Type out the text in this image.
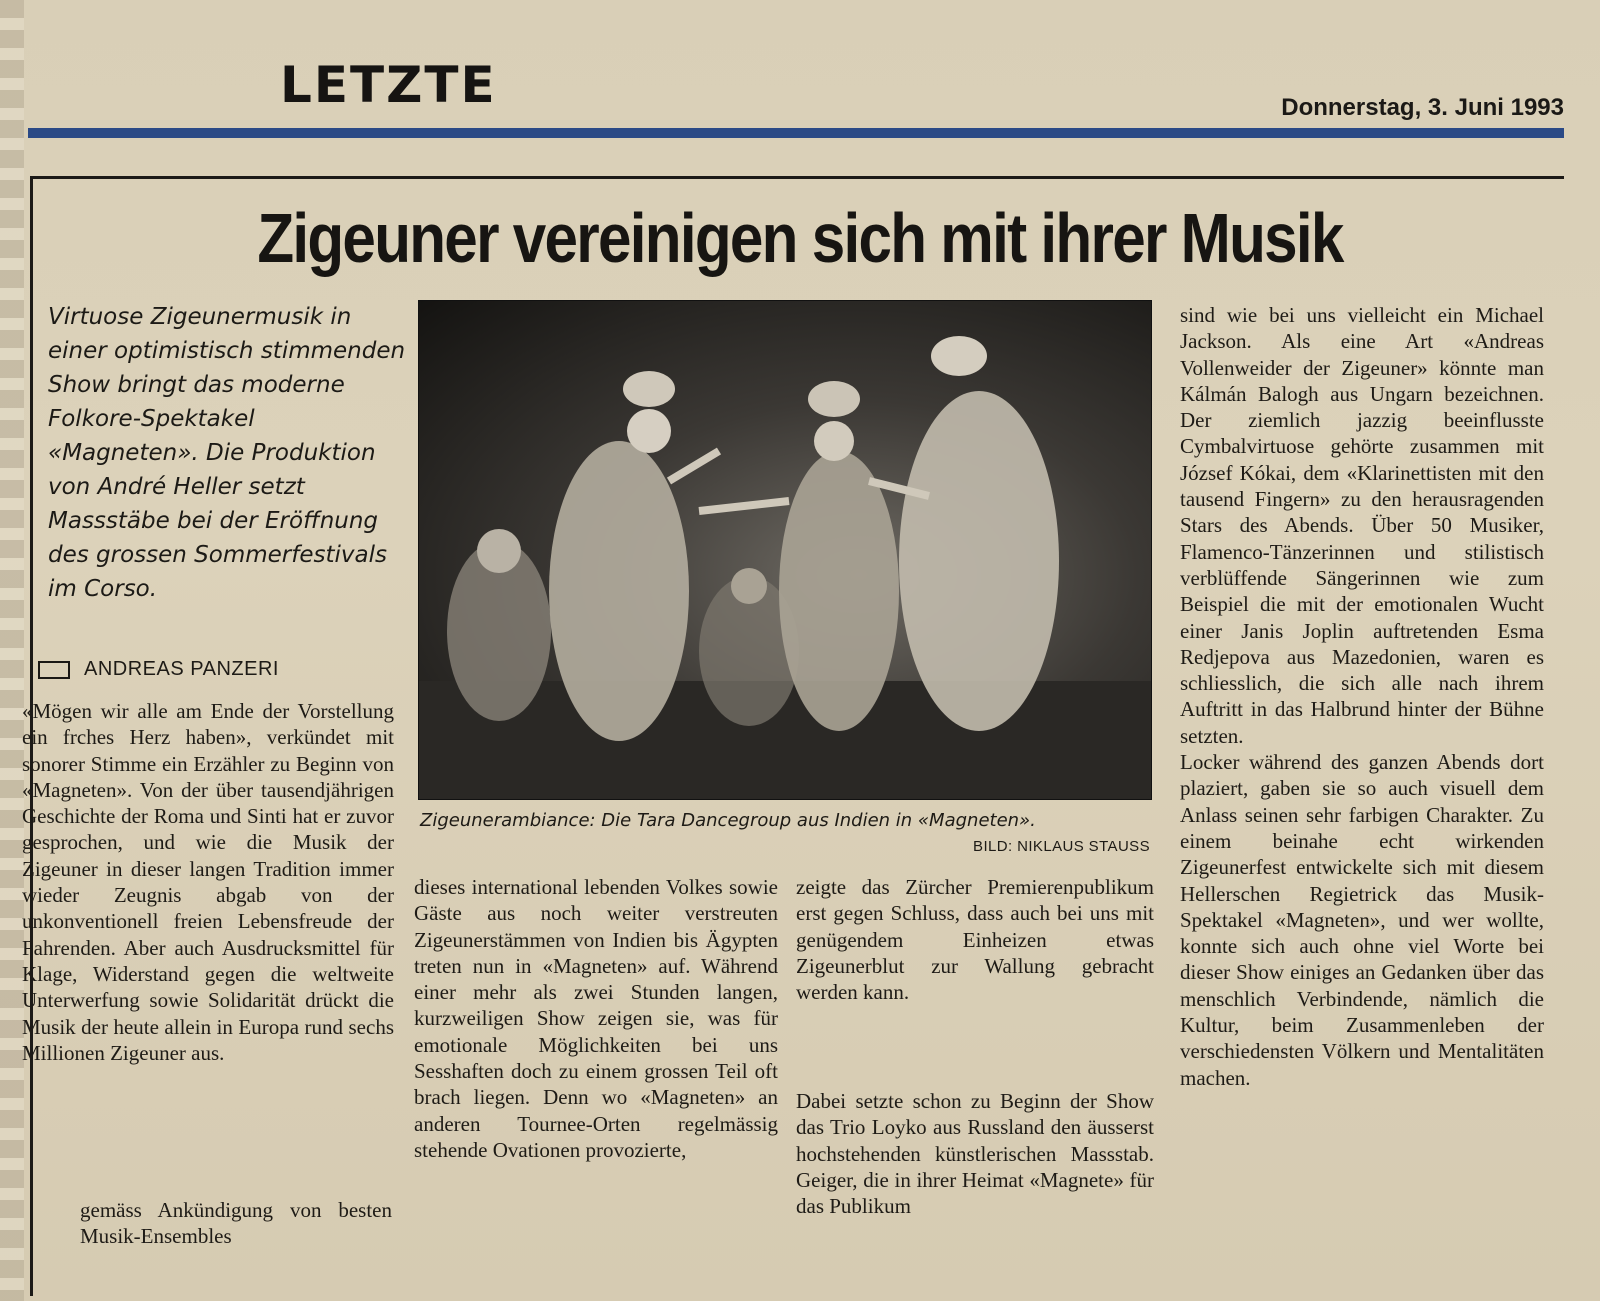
LETZTE	Donnerstag, 3. Juni 1993
Zigeuner vereinigen sich mit ihrer Musik
Virtuose Zigeunermusik in einer optimistisch stimmenden Show bringt das moderne Folkore-Spektakel «Magneten». Die Produktion von André Heller setzt Massstäbe bei der Eröffnung des grossen Sommerfestivals im Corso.
ANDREAS PANZERI

«Mögen wir alle am Ende der Vorstellung ein frches Herz haben», verkündet mit sonorer Stimme ein Erzähler zu Beginn von «Magneten». Von der über tausendjährigen Geschichte der Roma und Sinti hat er zuvor gesprochen, und wie die Musik der Zigeuner in dieser langen Tradition immer wieder Zeugnis abgab von der unkonventionell freien Lebensfreude der Fahrenden. Aber auch Ausdrucksmittel für Klage, Widerstand gegen die weltweite Unterwerfung sowie Solidarität drückt die Musik der heute allein in Europa rund sechs Millionen Zigeuner aus.

gemäss Ankündigung von besten Musik-Ensembles

Zigeunerambiance: Die Tara Dancegroup aus Indien in «Magneten».
BILD: NIKLAUS STAUSS

dieses international lebenden Volkes sowie Gäste aus noch weiter verstreuten Zigeunerstämmen von Indien bis Ägypten treten nun in «Magneten» auf. Während einer mehr als zwei Stunden langen, kurzweiligen Show zeigen sie, was für emotionale Möglichkeiten bei uns Sesshaften doch zu einem grossen Teil oft brach liegen. Denn wo «Magneten» an anderen Tournee-Orten regelmässig stehende Ovationen provozierte,

zeigte das Zürcher Premierenpublikum erst gegen Schluss, dass auch bei uns mit genügendem Einheizen etwas Zigeunerblut zur Wallung gebracht werden kann.

Dabei setzte schon zu Beginn der Show das Trio Loyko aus Russland den äusserst hochstehenden künstlerischen Massstab. Geiger, die in ihrer Heimat «Magnete» für das Publikum

sind wie bei uns vielleicht ein Michael Jackson. Als eine Art «Andreas Vollenweider der Zigeuner» könnte man Kálmán Balogh aus Ungarn bezeichnen. Der ziemlich jazzig beeinflusste Cymbalvirtuose gehörte zusammen mit József Kókai, dem «Klarinettisten mit den tausend Fingern» zu den herausragenden Stars des Abends. Über 50 Musiker, Flamenco-Tänzerinnen und stilistisch verblüffende Sängerinnen wie zum Beispiel die mit der emotionalen Wucht einer Janis Joplin auftretenden Esma Redjepova aus Mazedonien, waren es schliesslich, die sich alle nach ihrem Auftritt in das Halbrund hinter der Bühne setzten.

Locker während des ganzen Abends dort plaziert, gaben sie so auch visuell dem Anlass seinen sehr farbigen Charakter. Zu einem beinahe echt wirkenden Zigeunerfest entwickelte sich mit diesem Hellerschen Regietrick das Musik-Spektakel «Magneten», und wer wollte, konnte sich auch ohne viel Worte bei dieser Show einiges an Gedanken über das menschlich Verbindende, nämlich die Kultur, beim Zusammenleben der verschiedensten Völkern und Mentalitäten machen.
